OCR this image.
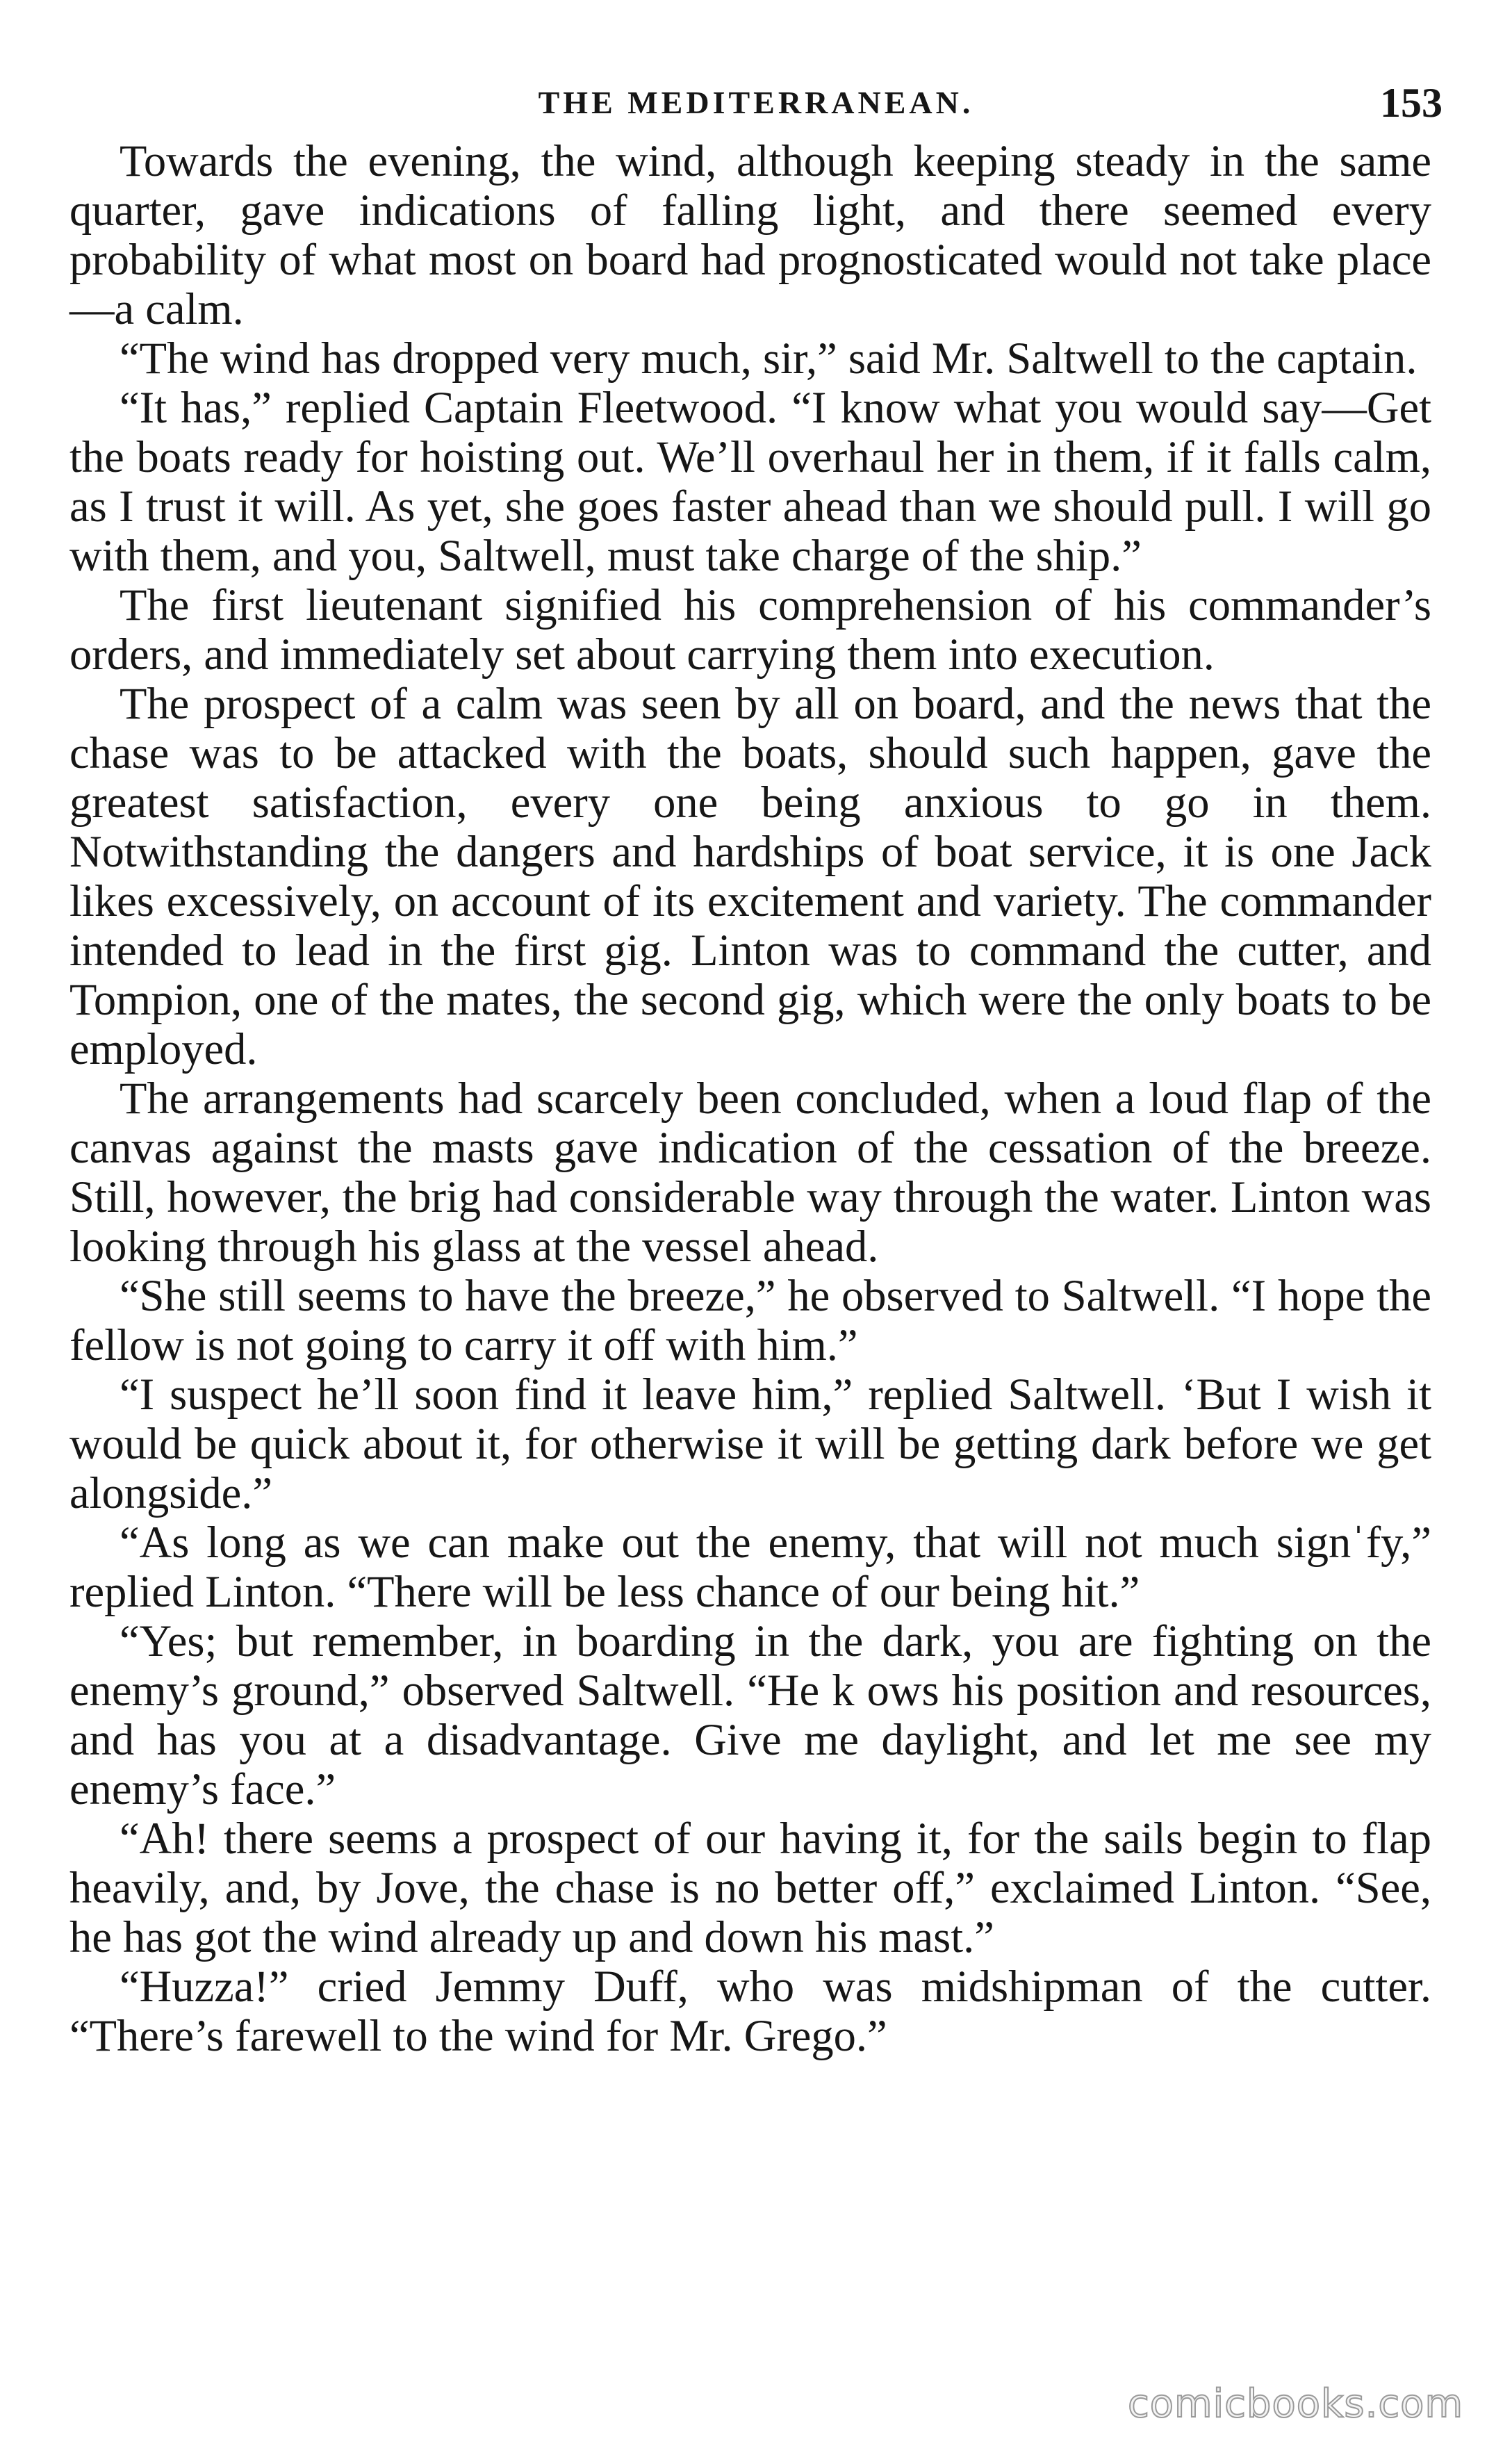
THE MEDITERRANEAN.	153

Towards the evening, the wind, although keeping steady in the same quarter, gave indications of falling light, and there seemed every probability of what most on board had prognosticated would not take place—a calm.

“The wind has dropped very much, sir,” said Mr. Saltwell to the captain.

“It has,” replied Captain Fleetwood. “I know what you would say—Get the boats ready for hoisting out. We’ll overhaul her in them, if it falls calm, as I trust it will. As yet, she goes faster ahead than we should pull. I will go with them, and you, Saltwell, must take charge of the ship.”

The first lieutenant signified his comprehension of his commander’s orders, and immediately set about carrying them into execution.

The prospect of a calm was seen by all on board, and the news that the chase was to be attacked with the boats, should such happen, gave the greatest satisfaction, every one being anxious to go in them. Notwithstanding the dangers and hardships of boat service, it is one Jack likes excessively, on account of its excitement and variety. The commander intended to lead in the first gig. Linton was to command the cutter, and Tompion, one of the mates, the second gig, which were the only boats to be employed.

The arrangements had scarcely been concluded, when a loud flap of the canvas against the masts gave indication of the cessation of the breeze. Still, however, the brig had considerable way through the water. Linton was looking through his glass at the vessel ahead.

“She still seems to have the breeze,” he observed to Saltwell. “I hope the fellow is not going to carry it off with him.”

“I suspect he’ll soon find it leave him,” replied Saltwell. ‘But I wish it would be quick about it, for otherwise it will be getting dark before we get alongside.”

“As long as we can make out the enemy, that will not much signˈfy,” replied Linton. “There will be less chance of our being hit.”

“Yes; but remember, in boarding in the dark, you are fighting on the enemy’s ground,” observed Saltwell. “He k ows his position and resources, and has you at a disadvantage. Give me daylight, and let me see my enemy’s face.”

“Ah! there seems a prospect of our having it, for the sails begin to flap heavily, and, by Jove, the chase is no better off,” exclaimed Linton. “See, he has got the wind already up and down his mast.”

“Huzza!” cried Jemmy Duff, who was midshipman of the cutter. “There’s farewell to the wind for Mr. Grego.”

comicbooks.com
